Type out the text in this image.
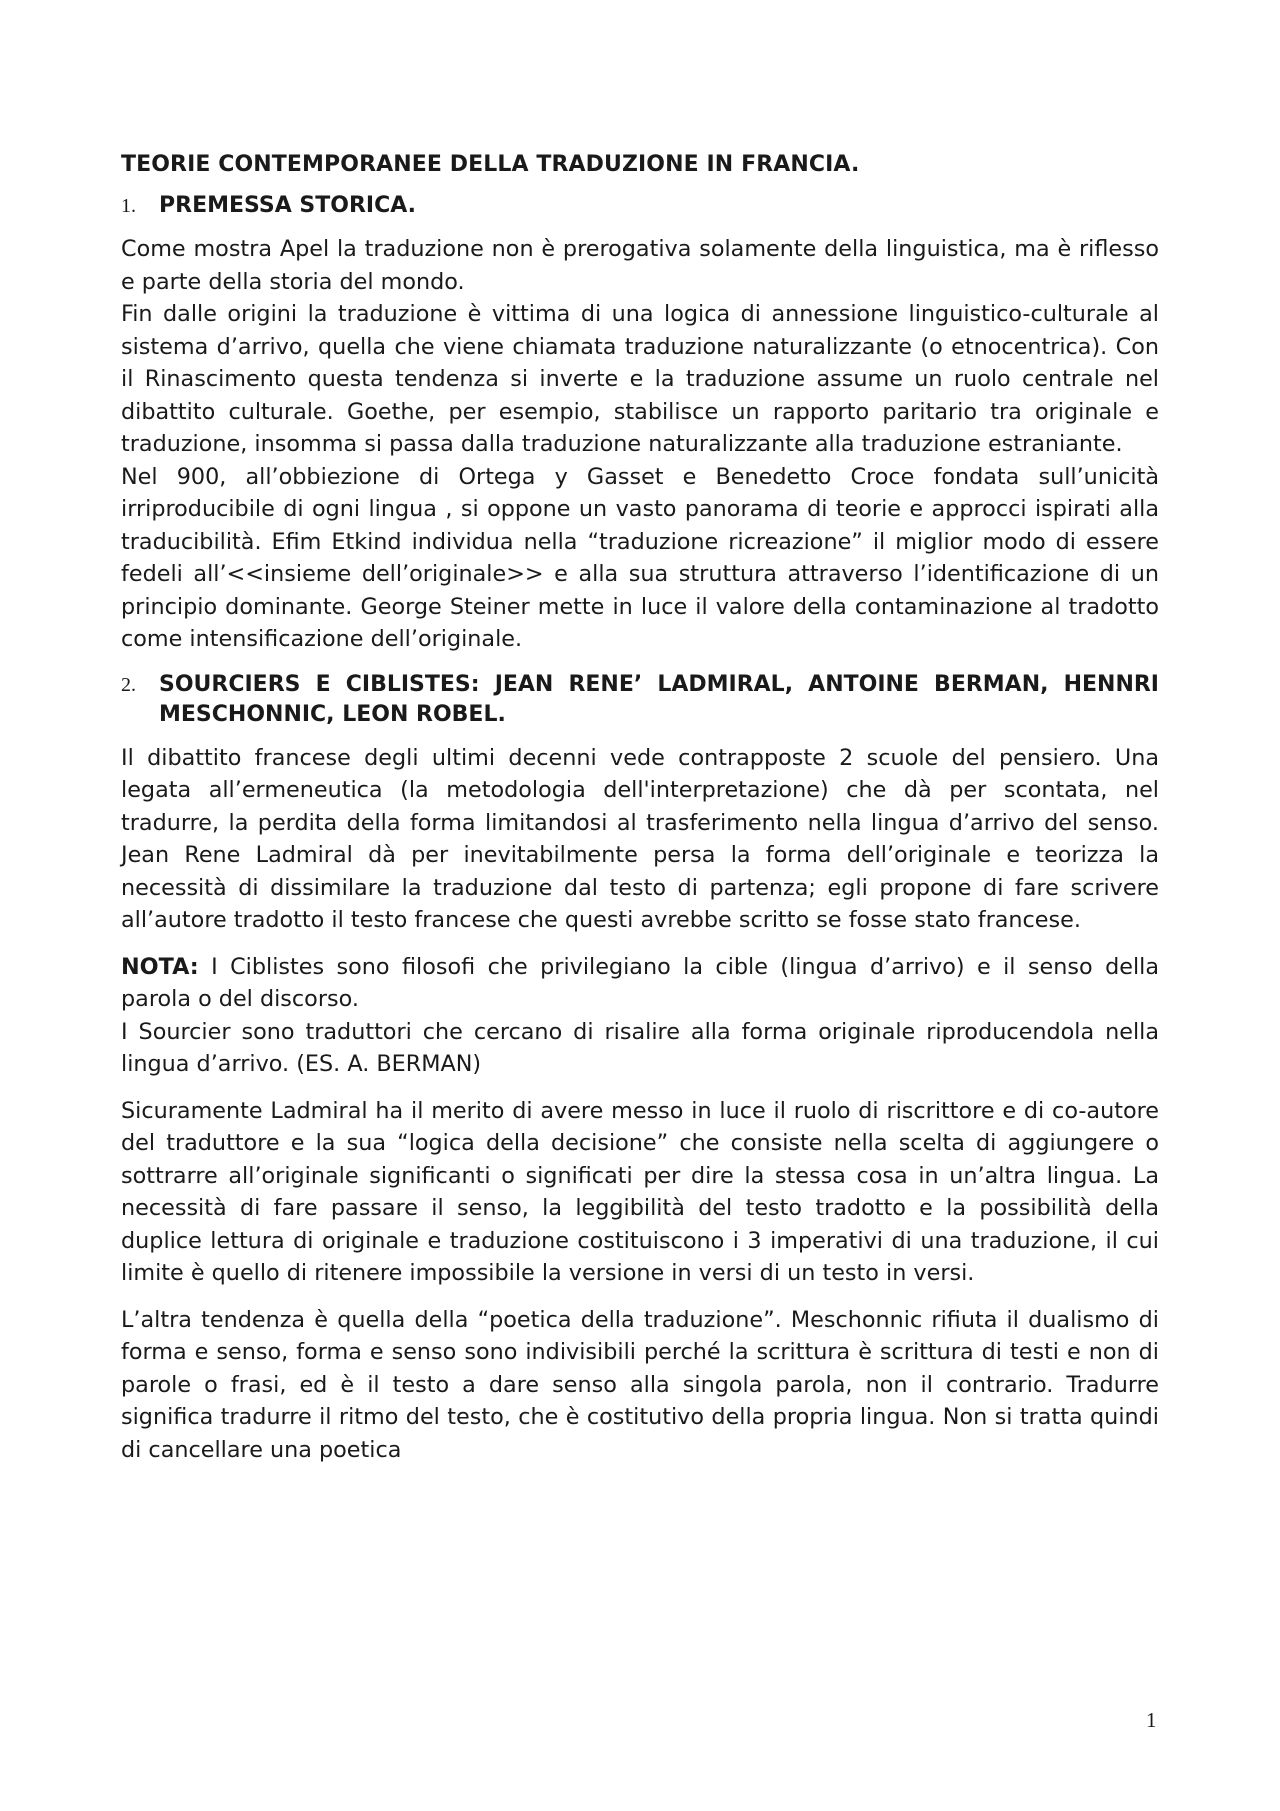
TEORIE CONTEMPORANEE DELLA TRADUZIONE IN FRANCIA.
1.	PREMESSA STORICA.

Come mostra Apel la traduzione non è prerogativa solamente della linguistica, ma è riflesso e parte della storia del mondo.
Fin dalle origini la traduzione è vittima di una logica di annessione linguistico-culturale al sistema d’arrivo, quella che viene chiamata traduzione naturalizzante (o etnocentrica). Con il Rinascimento questa tendenza si inverte e la traduzione assume un ruolo centrale nel dibattito culturale. Goethe, per esempio, stabilisce un rapporto paritario tra originale e traduzione, insomma si passa dalla traduzione naturalizzante alla traduzione estraniante.
Nel 900, all’obbiezione di Ortega y Gasset e Benedetto Croce fondata sull’unicità irriproducibile di ogni lingua , si oppone un vasto panorama di teorie e approcci ispirati alla traducibilità. Efim Etkind individua nella “traduzione ricreazione” il miglior modo di essere fedeli all’<<insieme dell’originale>> e alla sua struttura attraverso l’identificazione di un principio dominante. George Steiner mette in luce il valore della contaminazione al tradotto come intensificazione dell’originale.

2.	SOURCIERS E CIBLISTES: JEAN RENE’ LADMIRAL, ANTOINE BERMAN, HENNRI MESCHONNIC, LEON ROBEL.

Il dibattito francese degli ultimi decenni vede contrapposte 2 scuole del pensiero. Una legata all’ermeneutica (la metodologia dell'interpretazione) che dà per scontata, nel tradurre, la perdita della forma limitandosi al trasferimento nella lingua d’arrivo del senso. Jean Rene Ladmiral dà per inevitabilmente persa la forma dell’originale e teorizza la necessità di dissimilare la traduzione dal testo di partenza; egli propone di fare scrivere all’autore tradotto il testo francese che questi avrebbe scritto se fosse stato francese.

NOTA: I Ciblistes sono filosofi che privilegiano la cible (lingua d’arrivo) e il senso della parola o del discorso.
I Sourcier sono traduttori che cercano di risalire alla forma originale riproducendola nella lingua d’arrivo. (ES. A. BERMAN)

Sicuramente Ladmiral ha il merito di avere messo in luce il ruolo di riscrittore e di co-autore del traduttore e la sua “logica della decisione” che consiste nella scelta di aggiungere o sottrarre all’originale significanti o significati per dire la stessa cosa in un’altra lingua. La necessità di fare passare il senso, la leggibilità del testo tradotto e la possibilità della duplice lettura di originale e traduzione costituiscono i 3 imperativi di una traduzione, il cui limite è quello di ritenere impossibile la versione in versi di un testo in versi.

L’altra tendenza è quella della “poetica della traduzione”. Meschonnic rifiuta il dualismo di forma e senso, forma e senso sono indivisibili perché la scrittura è scrittura di testi e non di parole o frasi, ed è il testo a dare senso alla singola parola, non il contrario. Tradurre significa tradurre il ritmo del testo, che è costitutivo della propria lingua. Non si tratta quindi di cancellare una poetica

1
